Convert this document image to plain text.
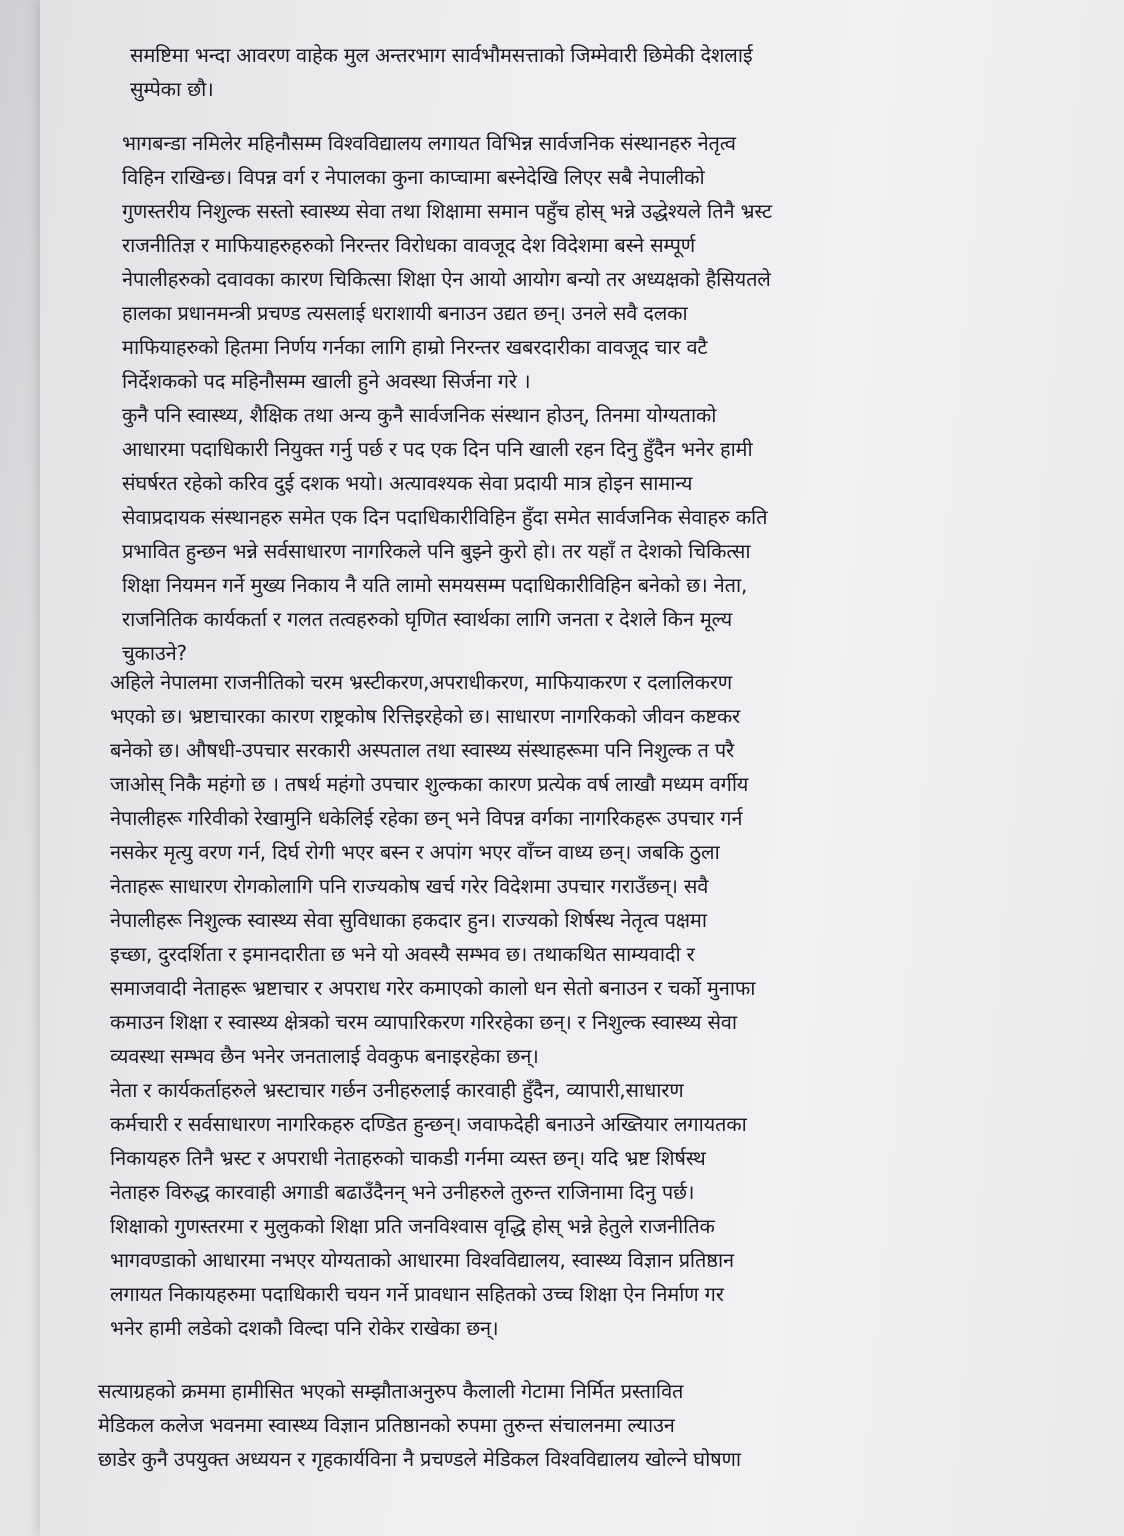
समष्टिमा भन्दा आवरण वाहेक मुल अन्तरभाग सार्वभौमसत्ताको जिम्मेवारी छिमेकी देशलाई
सुम्पेका छौ।
भागबन्डा नमिलेर महिनौसम्म विश्वविद्यालय लगायत विभिन्न सार्वजनिक संस्थानहरु नेतृत्व
विहिन राखिन्छ। विपन्न वर्ग र नेपालका कुना काप्चामा बस्नेदेखि लिएर सबै नेपालीको
गुणस्तरीय निशुल्क सस्तो स्वास्थ्य सेवा तथा शिक्षामा समान पहुँच होस् भन्ने उद्धेश्यले तिनै भ्रस्ट
राजनीतिज्ञ र माफियाहरुहरुको निरन्तर विरोधका वावजूद देश विदेशमा बस्ने सम्पूर्ण
नेपालीहरुको दवावका कारण चिकित्सा शिक्षा ऐन आयो आयोग बन्यो तर अध्यक्षको हैसियतले
हालका प्रधानमन्त्री प्रचण्ड त्यसलाई धराशायी बनाउन उद्यत छन्। उनले सवै दलका
माफियाहरुको हितमा निर्णय गर्नका लागि हाम्रो निरन्तर खबरदारीका वावजूद चार वटै
निर्देशकको पद महिनौसम्म खाली हुने अवस्था सिर्जना गरे ।
कुनै पनि स्वास्थ्य, शैक्षिक तथा अन्य कुनै सार्वजनिक संस्थान होउन्, तिनमा योग्यताको
आधारमा पदाधिकारी नियुक्त गर्नु पर्छ र पद एक दिन पनि खाली रहन दिनु हुँदैन भनेर हामी
संघर्षरत रहेको करिव दुई दशक भयो। अत्यावश्यक सेवा प्रदायी मात्र होइन सामान्य
सेवाप्रदायक संस्थानहरु समेत एक दिन पदाधिकारीविहिन हुँदा समेत सार्वजनिक सेवाहरु कति
प्रभावित हुन्छन भन्ने सर्वसाधारण नागरिकले पनि बुझ्ने कुरो हो। तर यहाँ त देशको चिकित्सा
शिक्षा नियमन गर्ने मुख्य निकाय नै यति लामो समयसम्म पदाधिकारीविहिन बनेको छ। नेता,
राजनितिक कार्यकर्ता र गलत तत्वहरुको घृणित स्वार्थका लागि जनता र देशले किन मूल्य
चुकाउने?
अहिले नेपालमा राजनीतिको चरम भ्रस्टीकरण,अपराधीकरण, माफियाकरण र दलालिकरण
भएको छ। भ्रष्टाचारका कारण राष्ट्रकोष रित्तिइरहेको छ। साधारण नागरिकको जीवन कष्टकर
बनेको छ। औषधी-उपचार सरकारी अस्पताल तथा स्वास्थ्य संस्थाहरूमा पनि निशुल्क त परै
जाओस् निकै महंगो छ । तषर्थ महंगो उपचार शुल्कका कारण प्रत्येक वर्ष लाखौ मध्यम वर्गीय
नेपालीहरू गरिवीको रेखामुनि धकेलिई रहेका छन् भने विपन्न वर्गका नागरिकहरू उपचार गर्न
नसकेर मृत्यु वरण गर्न, दिर्घ रोगी भएर बस्न र अपांग भएर वाँच्न वाध्य छन्। जबकि ठुला
नेताहरू साधारण रोगकोलागि पनि राज्यकोष खर्च गरेर विदेशमा उपचार गराउँछन्। सवै
नेपालीहरू निशुल्क स्वास्थ्य सेवा सुविधाका हकदार हुन। राज्यको शिर्षस्थ नेतृत्व पक्षमा
इच्छा, दुरदर्शिता र इमानदारीता छ भने यो अवस्यै सम्भव छ। तथाकथित साम्यवादी र
समाजवादी नेताहरू भ्रष्टाचार र अपराध गरेर कमाएको कालो धन सेतो बनाउन र चर्को मुनाफा
कमाउन शिक्षा र स्वास्थ्य क्षेत्रको चरम व्यापारिकरण गरिरहेका छन्। र निशुल्क स्वास्थ्य सेवा
व्यवस्था सम्भव छैन भनेर जनतालाई वेवकुफ बनाइरहेका छन्।
नेता र कार्यकर्ताहरुले भ्रस्टाचार गर्छन उनीहरुलाई कारवाही हुँदैन, व्यापारी,साधारण
कर्मचारी र सर्वसाधारण नागरिकहरु दण्डित हुन्छन्। जवाफदेही बनाउने अख्तियार लगायतका
निकायहरु तिनै भ्रस्ट र अपराधी नेताहरुको चाकडी गर्नमा व्यस्त छन्। यदि भ्रष्ट शिर्षस्थ
नेताहरु विरुद्ध कारवाही अगाडी बढाउँदैनन् भने उनीहरुले तुरुन्त राजिनामा दिनु पर्छ।
शिक्षाको गुणस्तरमा र मुलुकको शिक्षा प्रति जनविश्वास वृद्धि होस् भन्ने हेतुले राजनीतिक
भागवण्डाको आधारमा नभएर योग्यताको आधारमा विश्वविद्यालय, स्वास्थ्य विज्ञान प्रतिष्ठान
लगायत निकायहरुमा पदाधिकारी चयन गर्ने प्रावधान सहितको उच्च शिक्षा ऐन निर्माण गर
भनेर हामी लडेको दशकौ विल्दा पनि रोकेर राखेका छन्।
सत्याग्रहको क्रममा हामीसित भएको सम्झौताअनुरुप कैलाली गेटामा निर्मित प्रस्तावित
मेडिकल कलेज भवनमा स्वास्थ्य विज्ञान प्रतिष्ठानको रुपमा तुरुन्त संचालनमा ल्याउन
छाडेर कुनै उपयुक्त अध्ययन र गृहकार्यविना नै प्रचण्डले मेडिकल विश्वविद्यालय खोल्ने घोषणा
